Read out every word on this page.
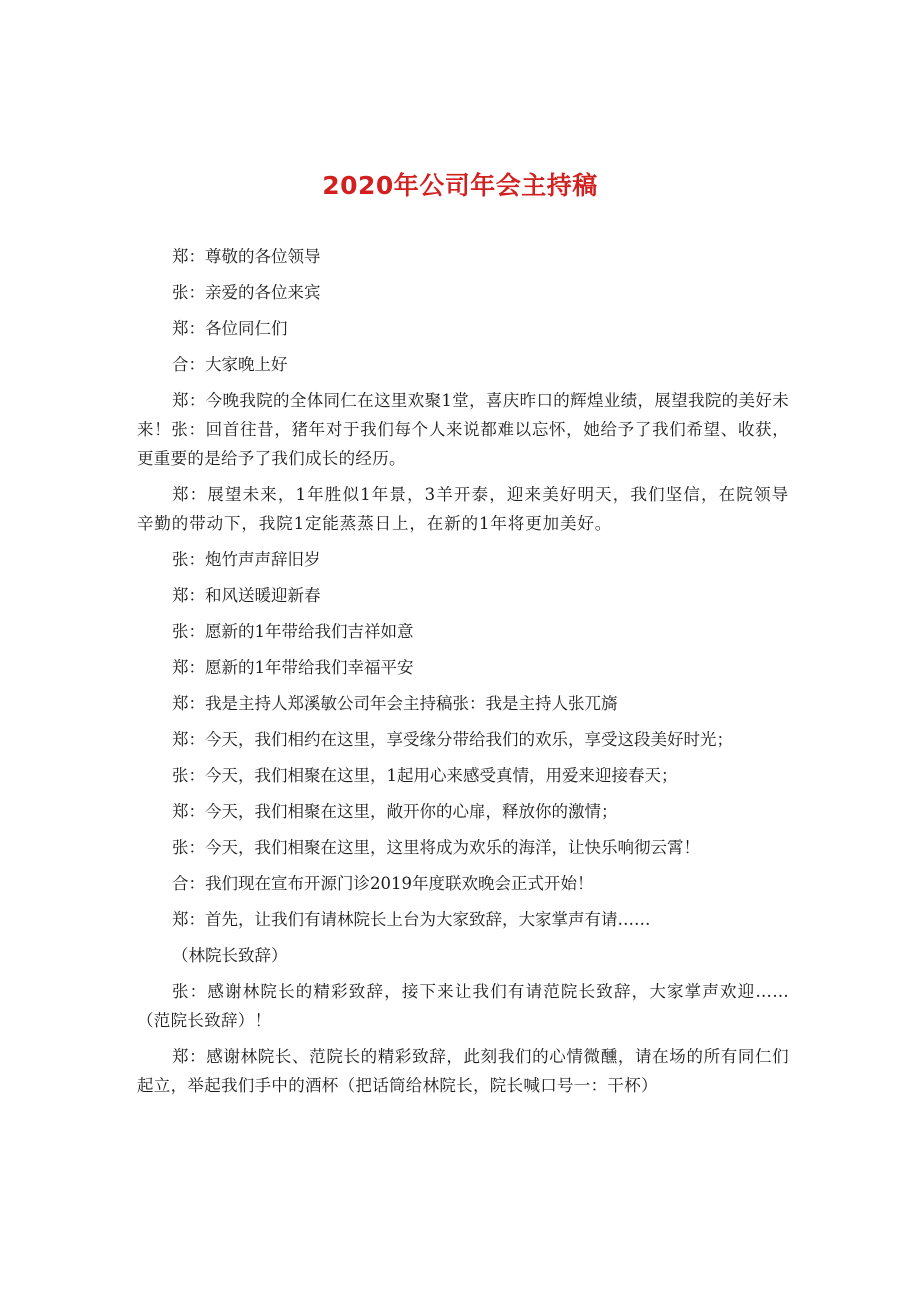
2020年公司年会主持稿

郑：尊敬的各位领导

张：亲爱的各位来宾

郑：各位同仁们

合：大家晚上好

郑：今晚我院的全体同仁在这里欢聚1堂，喜庆昨口的辉煌业绩，展望我院的美好未来！张：回首往昔，猪年对于我们每个人来说都难以忘怀，她给予了我们希望、收获，更重要的是给予了我们成长的经历。

郑：展望未来，1年胜似1年景，3羊开泰，迎来美好明天，我们坚信，在院领导辛勤的带动下，我院1定能蒸蒸日上，在新的1年将更加美好。

张：炮竹声声辞旧岁

郑：和风送暖迎新春

张：愿新的1年带给我们吉祥如意

郑：愿新的1年带给我们幸福平安

郑：我是主持人郑溪敏公司年会主持稿张：我是主持人张兀旖

郑：今天，我们相约在这里，享受缘分带给我们的欢乐，享受这段美好时光；

张：今天，我们相聚在这里，1起用心来感受真情，用爱来迎接春天；

郑：今天，我们相聚在这里，敞开你的心扉，释放你的激情；

张：今天，我们相聚在这里，这里将成为欢乐的海洋，让快乐响彻云霄！

合：我们现在宣布开源门诊2019年度联欢晚会正式开始！

郑：首先，让我们有请林院长上台为大家致辞，大家掌声有请……

（林院长致辞）

张：感谢林院长的精彩致辞，接下来让我们有请范院长致辞，大家掌声欢迎……（范院长致辞）！

郑：感谢林院长、范院长的精彩致辞，此刻我们的心情微醺，请在场的所有同仁们起立，举起我们手中的酒杯（把话筒给林院长，院长喊口号一：干杯）
